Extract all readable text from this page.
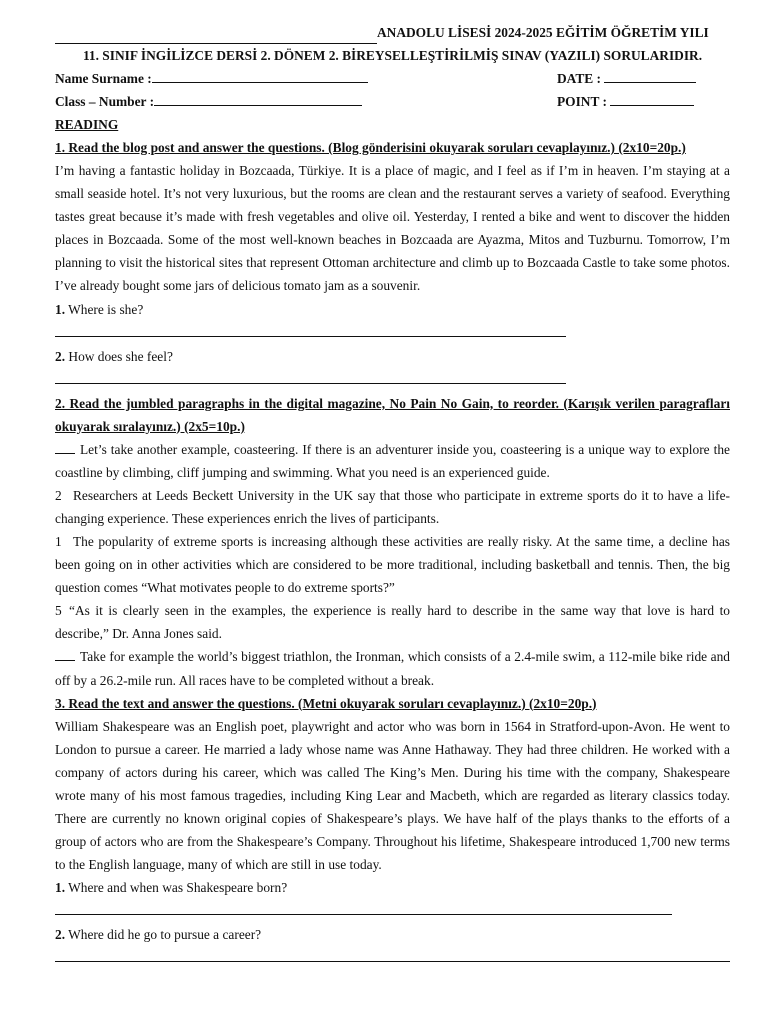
ANADOLU LİSESİ 2024-2025 EĞİTİM ÖĞRETİM YILI
11. SINIF İNGİLİZCE DERSİ 2. DÖNEM 2. BİREYSELLEŞTİRİLMİŞ SINAV (YAZILI) SORULARIDIR.
Name Surname :	DATE :
Class – Number :	POINT :
READING
1. Read the blog post and answer the questions. (Blog gönderisini okuyarak soruları cevaplayınız.) (2x10=20p.)

I’m having a fantastic holiday in Bozcaada, Türkiye. It is a place of magic, and I feel as if I’m in heaven. I’m staying at a small seaside hotel. It’s not very luxurious, but the rooms are clean and the restaurant serves a variety of seafood. Everything tastes great because it’s made with fresh vegetables and olive oil. Yesterday, I rented a bike and went to discover the hidden places in Bozcaada. Some of the most well-known beaches in Bozcaada are Ayazma, Mitos and Tuzburnu. Tomorrow, I’m planning to visit the historical sites that represent Ottoman architecture and climb up to Bozcaada Castle to take some photos. I’ve already bought some jars of delicious tomato jam as a souvenir.

1. Where is she?
2. How does she feel?
2. Read the jumbled paragraphs in the digital magazine, No Pain No Gain, to reorder. (Karışık verilen paragrafları okuyarak sıralayınız.) (2x5=10p.)

Let’s take another example, coasteering. If there is an adventurer inside you, coasteering is a unique way to explore the coastline by climbing, cliff jumping and swimming. What you need is an experienced guide.

2 Researchers at Leeds Beckett University in the UK say that those who participate in extreme sports do it to have a life-changing experience. These experiences enrich the lives of participants.

1 The popularity of extreme sports is increasing although these activities are really risky. At the same time, a decline has been going on in other activities which are considered to be more traditional, including basketball and tennis. Then, the big question comes “What motivates people to do extreme sports?”

5 “As it is clearly seen in the examples, the experience is really hard to describe in the same way that love is hard to describe,” Dr. Anna Jones said.

Take for example the world’s biggest triathlon, the Ironman, which consists of a 2.4-mile swim, a 112-mile bike ride and off by a 26.2-mile run. All races have to be completed without a break.

3. Read the text and answer the questions. (Metni okuyarak soruları cevaplayınız.) (2x10=20p.)

William Shakespeare was an English poet, playwright and actor who was born in 1564 in Stratford-upon-Avon. He went to London to pursue a career. He married a lady whose name was Anne Hathaway. They had three children. He worked with a company of actors during his career, which was called The King’s Men. During his time with the company, Shakespeare wrote many of his most famous tragedies, including King Lear and Macbeth, which are regarded as literary classics today. There are currently no known original copies of Shakespeare’s plays. We have half of the plays thanks to the efforts of a group of actors who are from the Shakespeare’s Company. Throughout his lifetime, Shakespeare introduced 1,700 new terms to the English language, many of which are still in use today.

1. Where and when was Shakespeare born?
2. Where did he go to pursue a career?
